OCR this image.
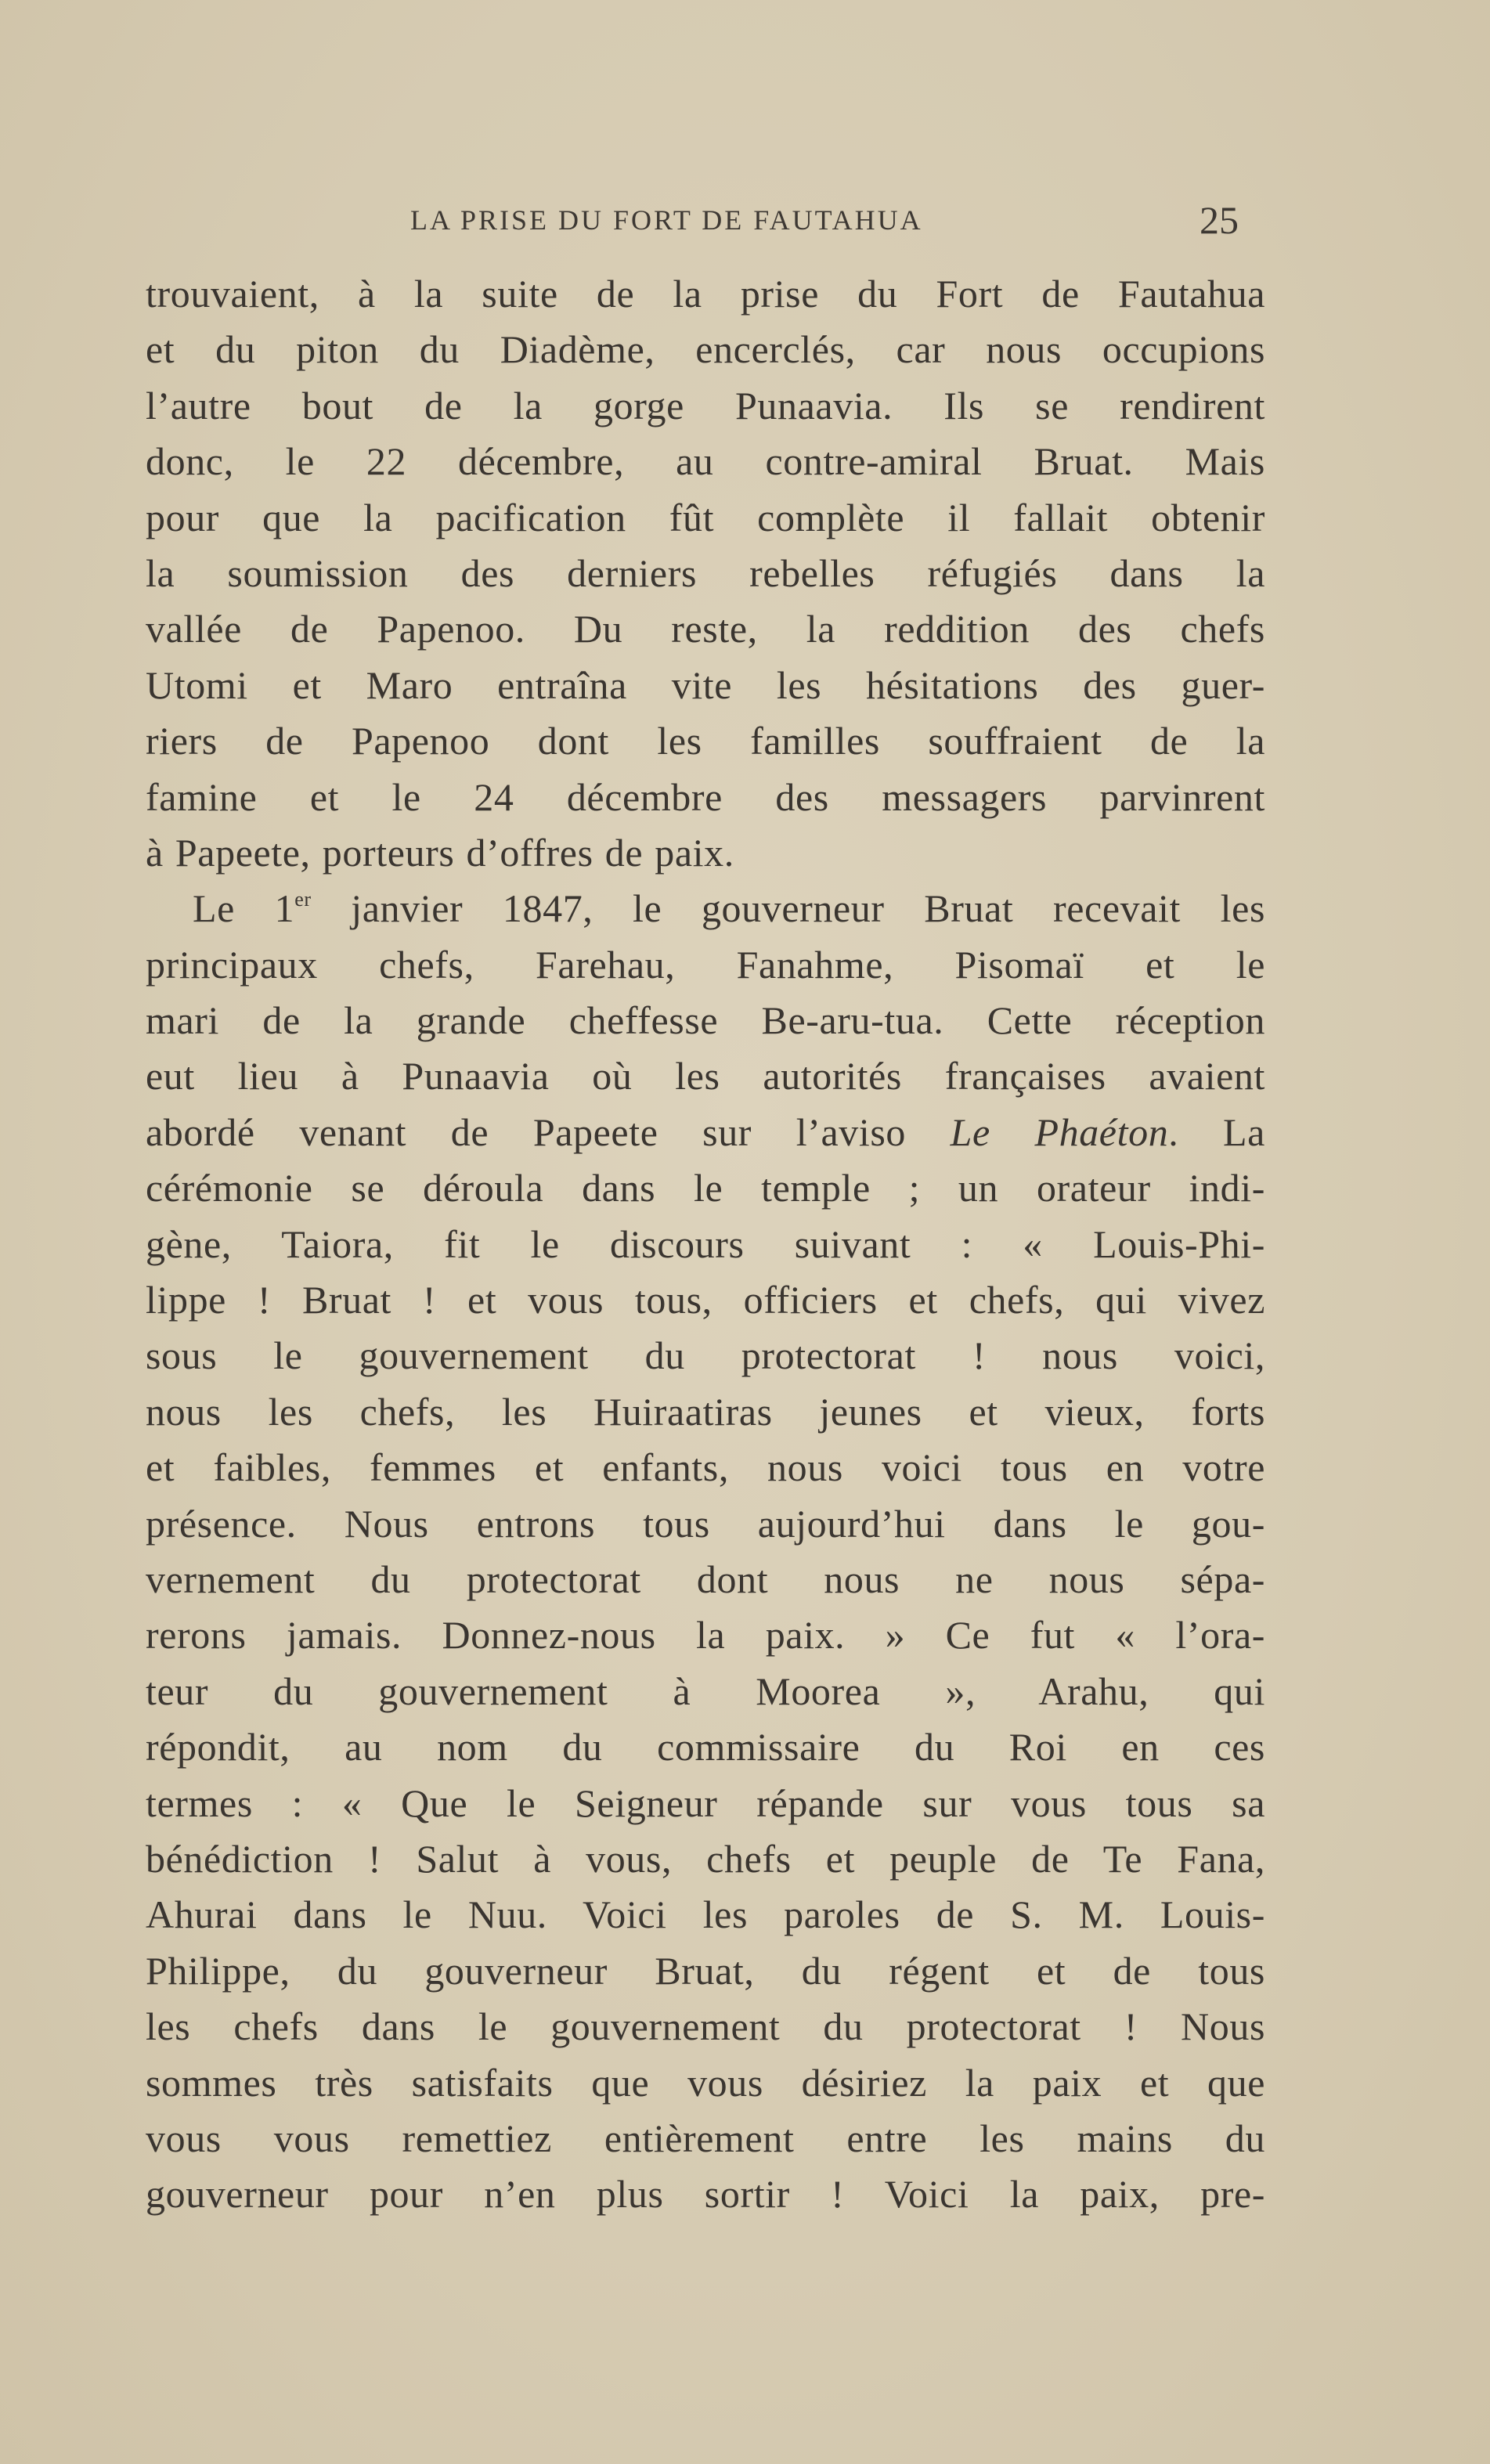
LA PRISE DU FORT DE FAUTAHUA	25
trouvaient, à la suite de la prise du Fort de Fautahua
et du piton du Diadème, encerclés, car nous occupions
l’autre bout de la gorge Punaavia. Ils se rendirent
donc, le 22 décembre, au contre-amiral Bruat. Mais
pour que la pacification fût complète il fallait obtenir
la soumission des derniers rebelles réfugiés dans la
vallée de Papenoo. Du reste, la reddition des chefs
Utomi et Maro entraîna vite les hésitations des guer-
riers de Papenoo dont les familles souffraient de la
famine et le 24 décembre des messagers parvinrent
à Papeete, porteurs d’offres de paix.
Le 1er janvier 1847, le gouverneur Bruat recevait les
principaux chefs, Farehau, Fanahme, Pisomaï et le
mari de la grande cheffesse Be-aru-tua. Cette réception
eut lieu à Punaavia où les autorités françaises avaient
abordé venant de Papeete sur l’aviso Le Phaéton. La
cérémonie se déroula dans le temple ; un orateur indi-
gène, Taiora, fit le discours suivant : « Louis-Phi-
lippe ! Bruat ! et vous tous, officiers et chefs, qui vivez
sous le gouvernement du protectorat ! nous voici,
nous les chefs, les Huiraatiras jeunes et vieux, forts
et faibles, femmes et enfants, nous voici tous en votre
présence. Nous entrons tous aujourd’hui dans le gou-
vernement du protectorat dont nous ne nous sépa-
rerons jamais. Donnez-nous la paix. » Ce fut « l’ora-
teur du gouvernement à Moorea », Arahu, qui
répondit, au nom du commissaire du Roi en ces
termes : « Que le Seigneur répande sur vous tous sa
bénédiction ! Salut à vous, chefs et peuple de Te Fana,
Ahurai dans le Nuu. Voici les paroles de S. M. Louis-
Philippe, du gouverneur Bruat, du régent et de tous
les chefs dans le gouvernement du protectorat ! Nous
sommes très satisfaits que vous désiriez la paix et que
vous vous remettiez entièrement entre les mains du
gouverneur pour n’en plus sortir ! Voici la paix, pre-
